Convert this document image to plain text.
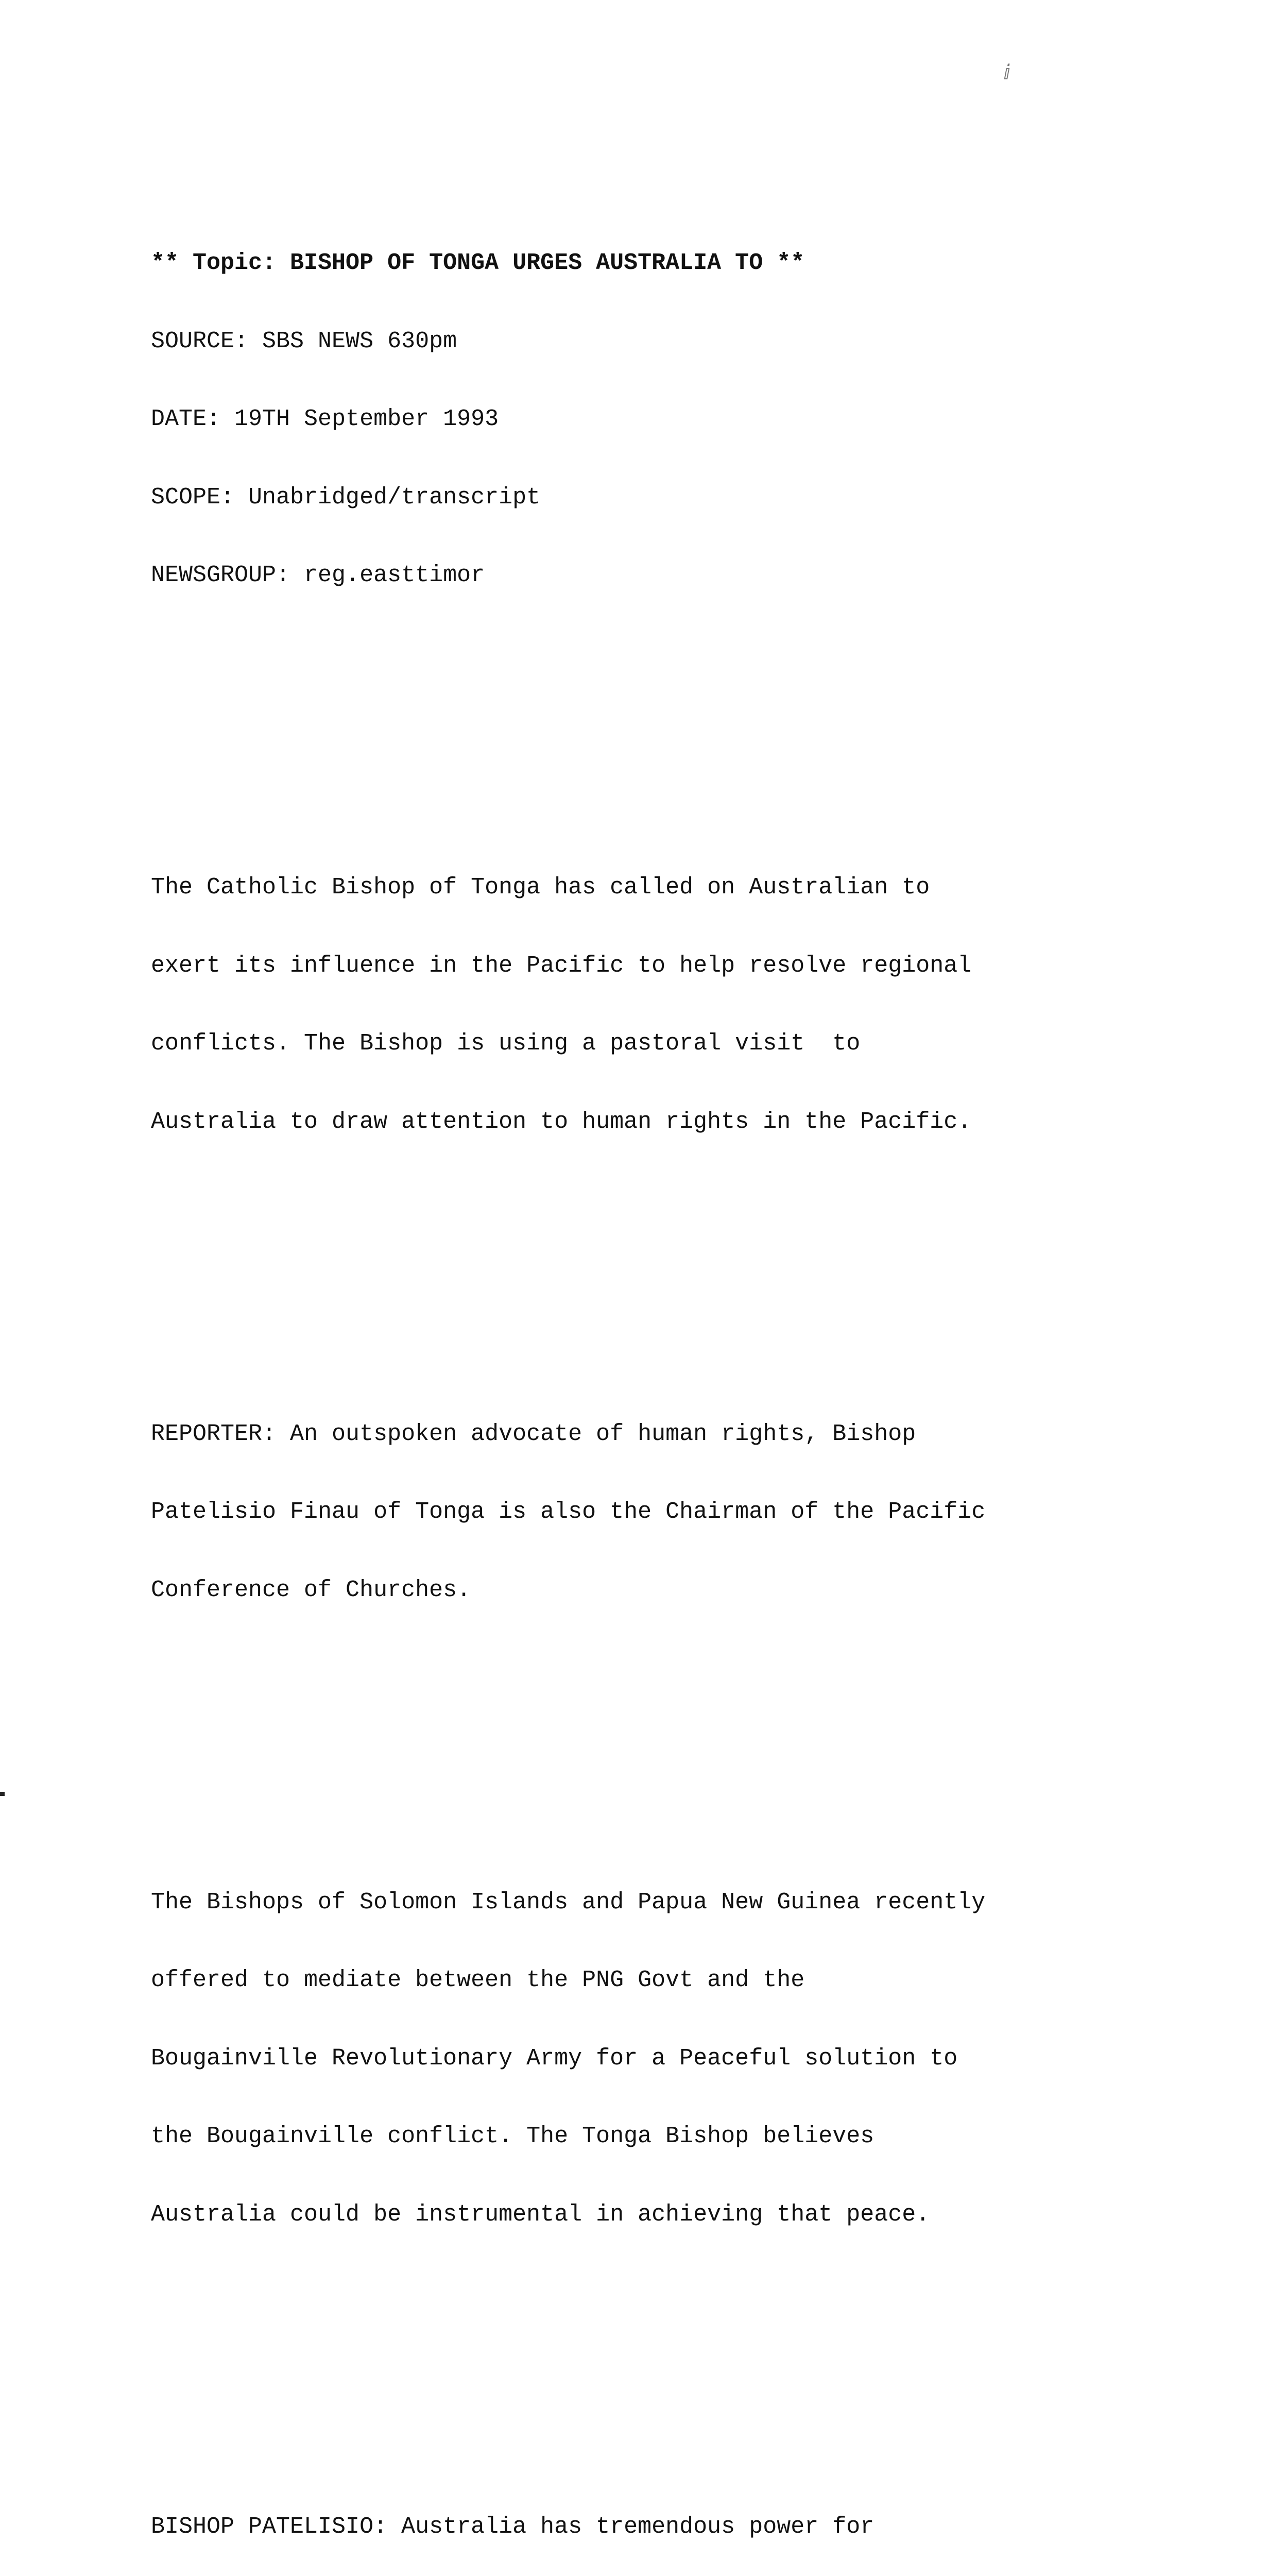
ⅈ

** Topic: BISHOP OF TONGA URGES AUSTRALIA TO **

SOURCE: SBS NEWS 630pm

DATE: 19TH September 1993

SCOPE: Unabridged/transcript

NEWSGROUP: reg.easttimor

The Catholic Bishop of Tonga has called on Australian to

exert its influence in the Pacific to help resolve regional

conflicts. The Bishop is using a pastoral visit  to

Australia to draw attention to human rights in the Pacific.

REPORTER: An outspoken advocate of human rights, Bishop

Patelisio Finau of Tonga is also the Chairman of the Pacific

Conference of Churches.

The Bishops of Solomon Islands and Papua New Guinea recently

offered to mediate between the PNG Govt and the

Bougainville Revolutionary Army for a Peaceful solution to

the Bougainville conflict. The Tonga Bishop believes

Australia could be instrumental in achieving that peace.

BISHOP PATELISIO: Australia has tremendous power for
